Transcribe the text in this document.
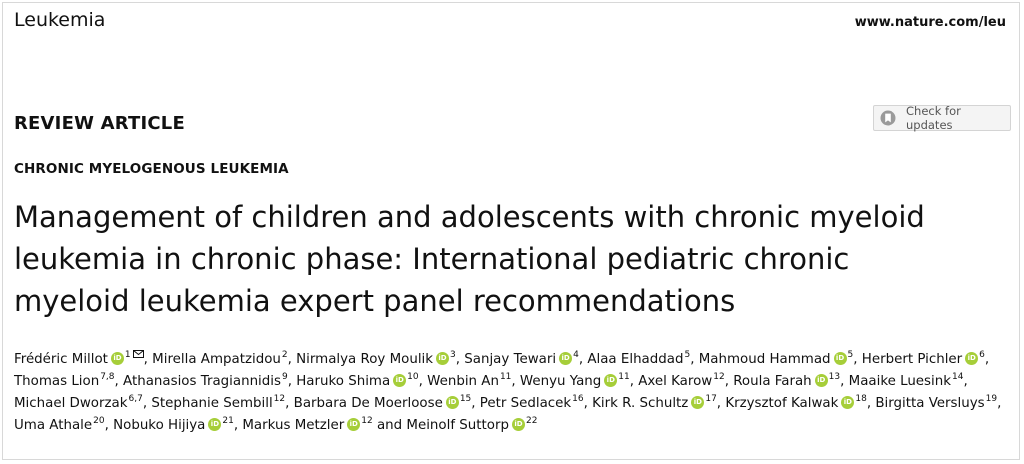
Leukemia	www.nature.com/leu
REVIEW ARTICLE
Check for updates
CHRONIC MYELOGENOUS LEUKEMIA
Management of children and adolescents with chronic myeloid
leukemia in chronic phase: International pediatric chronic
myeloid leukemia expert panel recommendations
Frédéric Millot iD $^1$ , Mirella Ampatzidou$^2$, Nirmalya Roy Moulik iD $^3$, Sanjay Tewari iD $^4$, Alaa Elhaddad$^5$, Mahmoud Hammad iD $^5$, Herbert Pichler iD $^6$, Thomas Lion$^{7,8}$, Athanasios Tragiannidis$^9$, Haruko Shima iD $^{10}$, Wenbin An$^{11}$, Wenyu Yang iD $^{11}$, Axel Karow$^{12}$, Roula Farah iD $^{13}$, Maaike Luesink$^{14}$, Michael Dworzak$^{6,7}$, Stephanie Sembill$^{12}$, Barbara De Moerloose iD $^{15}$, Petr Sedlacek$^{16}$, Kirk R. Schultz iD $^{17}$, Krzysztof Kalwak iD $^{18}$, Birgitta Versluys$^{19}$, Uma Athale$^{20}$, Nobuko Hijiya iD $^{21}$, Markus Metzler iD $^{12}$ and Meinolf Suttorp iD $^{22}$
